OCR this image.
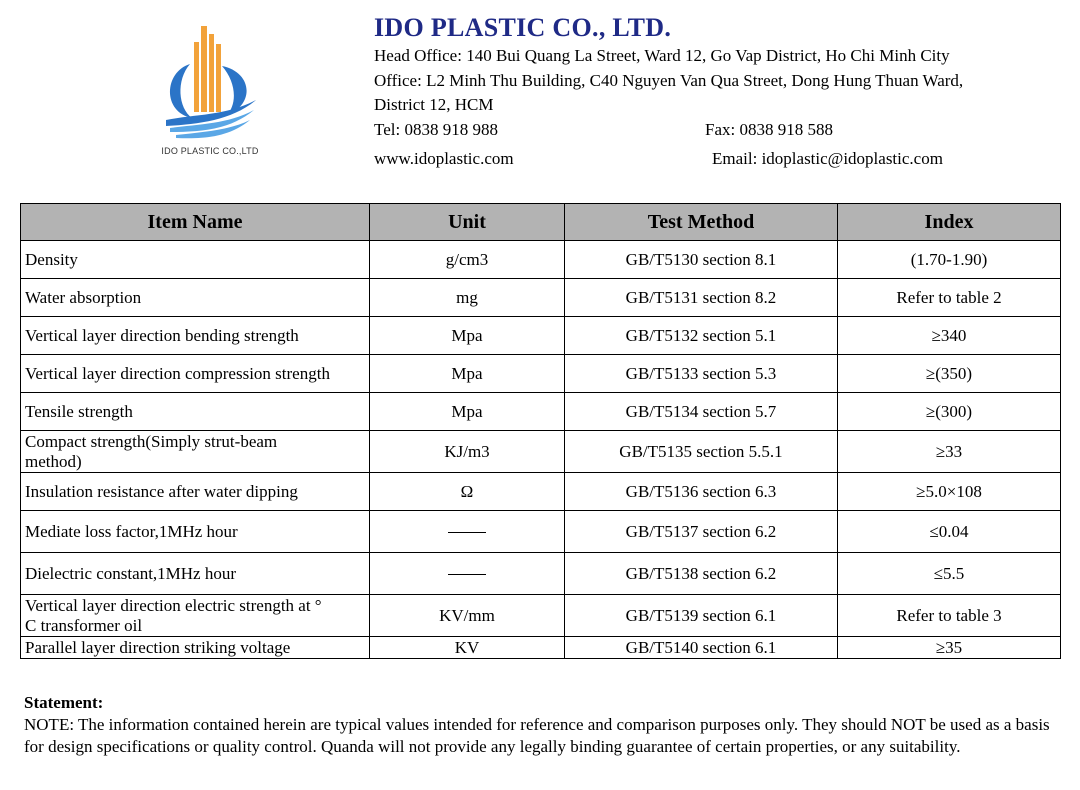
IDO PLASTIC CO.,LTD
IDO PLASTIC CO., LTD.
Head Office: 140 Bui Quang La Street, Ward 12, Go Vap District, Ho Chi Minh City
Office: L2 Minh Thu Building, C40 Nguyen Van Qua Street, Dong Hung Thuan Ward,
District 12, HCM
Tel: 0838 918 988	Fax: 0838 918 588
www.idoplastic.com	Email: idoplastic@idoplastic.com
Item Name	Unit	Test Method	Index
Density	g/cm3	GB/T5130 section 8.1	(1.70-1.90)
Water absorption	mg	GB/T5131 section 8.2	Refer to table 2
Vertical layer direction bending strength	Mpa	GB/T5132 section 5.1	≥340
Vertical layer direction compression strength	Mpa	GB/T5133 section 5.3	≥(350)
Tensile strength	Mpa	GB/T5134 section 5.7	≥(300)

Compact strength(Simply strut-beam
method)	KJ/m3	GB/T5135 section 5.5.1	≥33
Insulation resistance after water dipping	Ω	GB/T5136 section 6.3	≥5.0×108
Mediate loss factor,1MHz hour		GB/T5137 section 6.2	≤0.04
Dielectric constant,1MHz hour		GB/T5138 section 6.2	≤5.5

Vertical layer direction electric strength at °
C transformer oil	KV/mm	GB/T5139 section 6.1	Refer to table 3
Parallel layer direction striking voltage	KV	GB/T5140 section 6.1	≥35
Statement:
NOTE: The information contained herein are typical values intended for reference and comparison purposes only. They should NOT be used as a basis for design specifications or quality control. Quanda will not provide any legally binding guarantee of certain properties, or any suitability.
